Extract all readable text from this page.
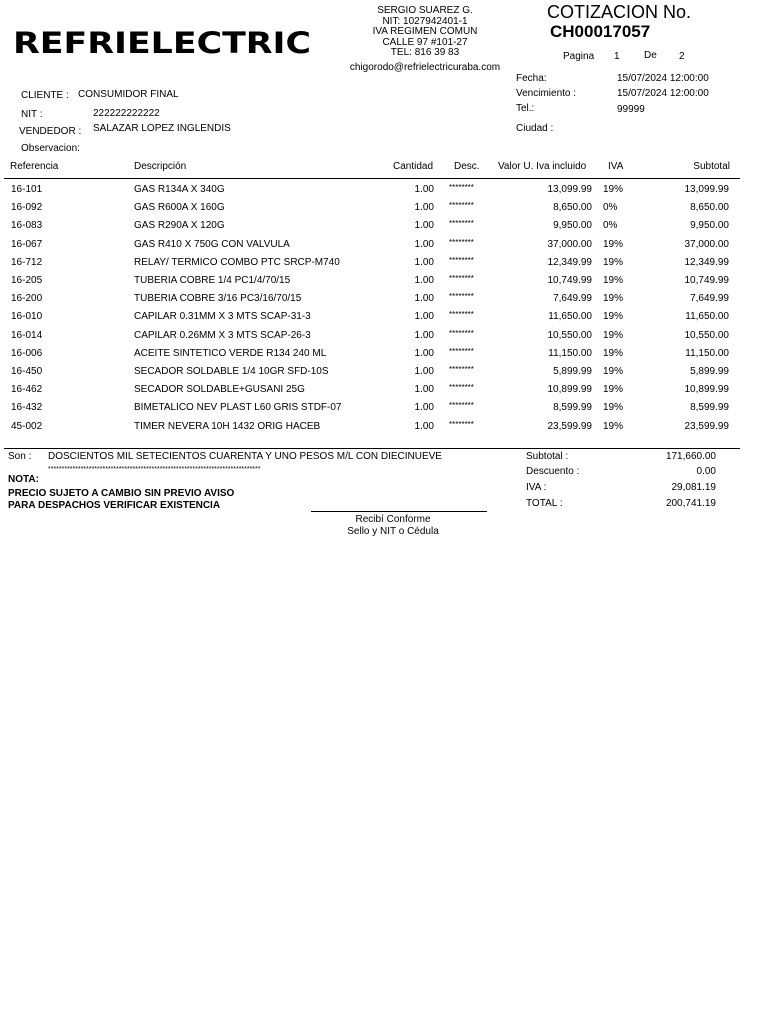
REFRIELECTRIC
SERGIO SUAREZ G.
NIT: 1027942401-1
IVA REGIMEN COMUN
CALLE 97 #101-27
TEL: 816 39 83
chigorodo@refrielectricuraba.com
COTIZACION No.
CH00017057
Pagina 1 De 2
CLIENTE : CONSUMIDOR FINAL
NIT :	222222222222
VENDEDOR : SALAZAR LOPEZ INGLENDIS
Observacion:
Fecha:	15/07/2024 12:00:00
Vencimiento :	15/07/2024 12:00:00
Tel.:	99999
Ciudad :
Referencia	Descripción	Cantidad Desc. Valor U. Iva incluido IVA	Subtotal
16-101	GAS R134A X 340G	1.00 ********	13,099.99 19%	13,099.99
16-092	GAS R600A X 160G	1.00 ********	8,650.00 0%	8,650.00
16-083	GAS R290A X 120G	1.00 ********	9,950.00 0%	9,950.00
16-067	GAS R410 X 750G CON VALVULA	1.00 ********	37,000.00 19%	37,000.00
16-712	RELAY/ TERMICO COMBO PTC SRCP-M740	1.00 ********	12,349.99 19%	12,349.99
16-205	TUBERIA COBRE 1/4 PC1/4/70/15	1.00 ********	10,749.99 19%	10,749.99
16-200	TUBERIA COBRE 3/16 PC3/16/70/15	1.00 ********	7,649.99 19%	7,649.99
16-010	CAPILAR 0.31MM X 3 MTS SCAP-31-3	1.00 ********	11,650.00 19%	11,650.00
16-014	CAPILAR 0.26MM X 3 MTS SCAP-26-3	1.00 ********	10,550.00 19%	10,550.00
16-006	ACEITE SINTETICO VERDE R134 240 ML	1.00 ********	11,150.00 19%	11,150.00
16-450	SECADOR SOLDABLE 1/4 10GR SFD-10S	1.00 ********	5,899.99 19%	5,899.99
16-462	SECADOR SOLDABLE+GUSANI 25G	1.00 ********	10,899.99 19%	10,899.99
16-432	BIMETALICO NEV PLAST L60 GRIS STDF-07	1.00 ********	8,599.99 19%	8,599.99
45-002	TIMER NEVERA 10H 1432 ORIG HACEB	1.00 ********	23,599.99 19%	23,599.99
Son : DOSCIENTOS MIL SETECIENTOS CUARENTA Y UNO PESOS M/L CON DIECINUEVE
******************************************************************************
NOTA:
PRECIO SUJETO A CAMBIO SIN PREVIO AVISO
PARA DESPACHOS VERIFICAR EXISTENCIA
Recibí Conforme
Sello y NIT o Cédula
Subtotal :	171,660.00
Descuento :	0.00
IVA :	29,081.19
TOTAL :	200,741.19
